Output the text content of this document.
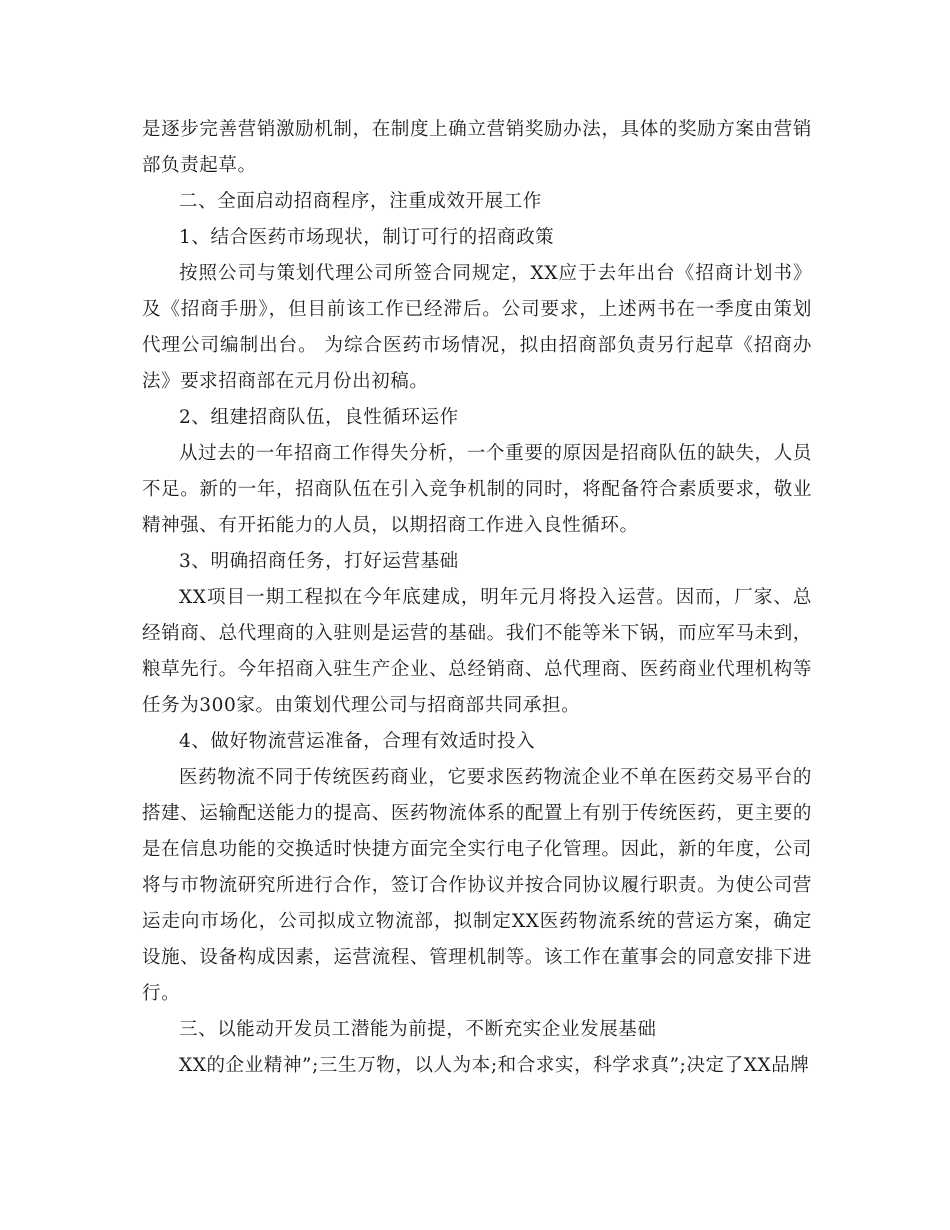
是逐步完善营销激励机制，在制度上确立营销奖励办法，具体的奖励方案由营销部负责起草。

二、全面启动招商程序，注重成效开展工作

1、结合医药市场现状，制订可行的招商政策

按照公司与策划代理公司所签合同规定，XX应于去年出台《招商计划书》及《招商手册》，但目前该工作已经滞后。公司要求，上述两书在一季度由策划代理公司编制出台。 为综合医药市场情况，拟由招商部负责另行起草《招商办法》要求招商部在元月份出初稿。

2、组建招商队伍，良性循环运作

从过去的一年招商工作得失分析，一个重要的原因是招商队伍的缺失，人员不足。新的一年，招商队伍在引入竞争机制的同时，将配备符合素质要求，敬业精神强、有开拓能力的人员，以期招商工作进入良性循环。

3、明确招商任务，打好运营基础

XX项目一期工程拟在今年底建成，明年元月将投入运营。因而，厂家、总经销商、总代理商的入驻则是运营的基础。我们不能等米下锅，而应军马未到，粮草先行。今年招商入驻生产企业、总经销商、总代理商、医药商业代理机构等任务为300家。由策划代理公司与招商部共同承担。

4、做好物流营运准备，合理有效适时投入

医药物流不同于传统医药商业，它要求医药物流企业不单在医药交易平台的搭建、运输配送能力的提高、医药物流体系的配置上有别于传统医药，更主要的是在信息功能的交换适时快捷方面完全实行电子化管理。因此，新的年度，公司将与市物流研究所进行合作，签订合作协议并按合同协议履行职责。为使公司营运走向市场化，公司拟成立物流部，拟制定XX医药物流系统的营运方案，确定设施、设备构成因素，运营流程、管理机制等。该工作在董事会的同意安排下进行。

三、以能动开发员工潜能为前提，不断充实企业发展基础

XX的企业精神”;三生万物，以人为本;和合求实，科学求真”;决定了XX品牌
